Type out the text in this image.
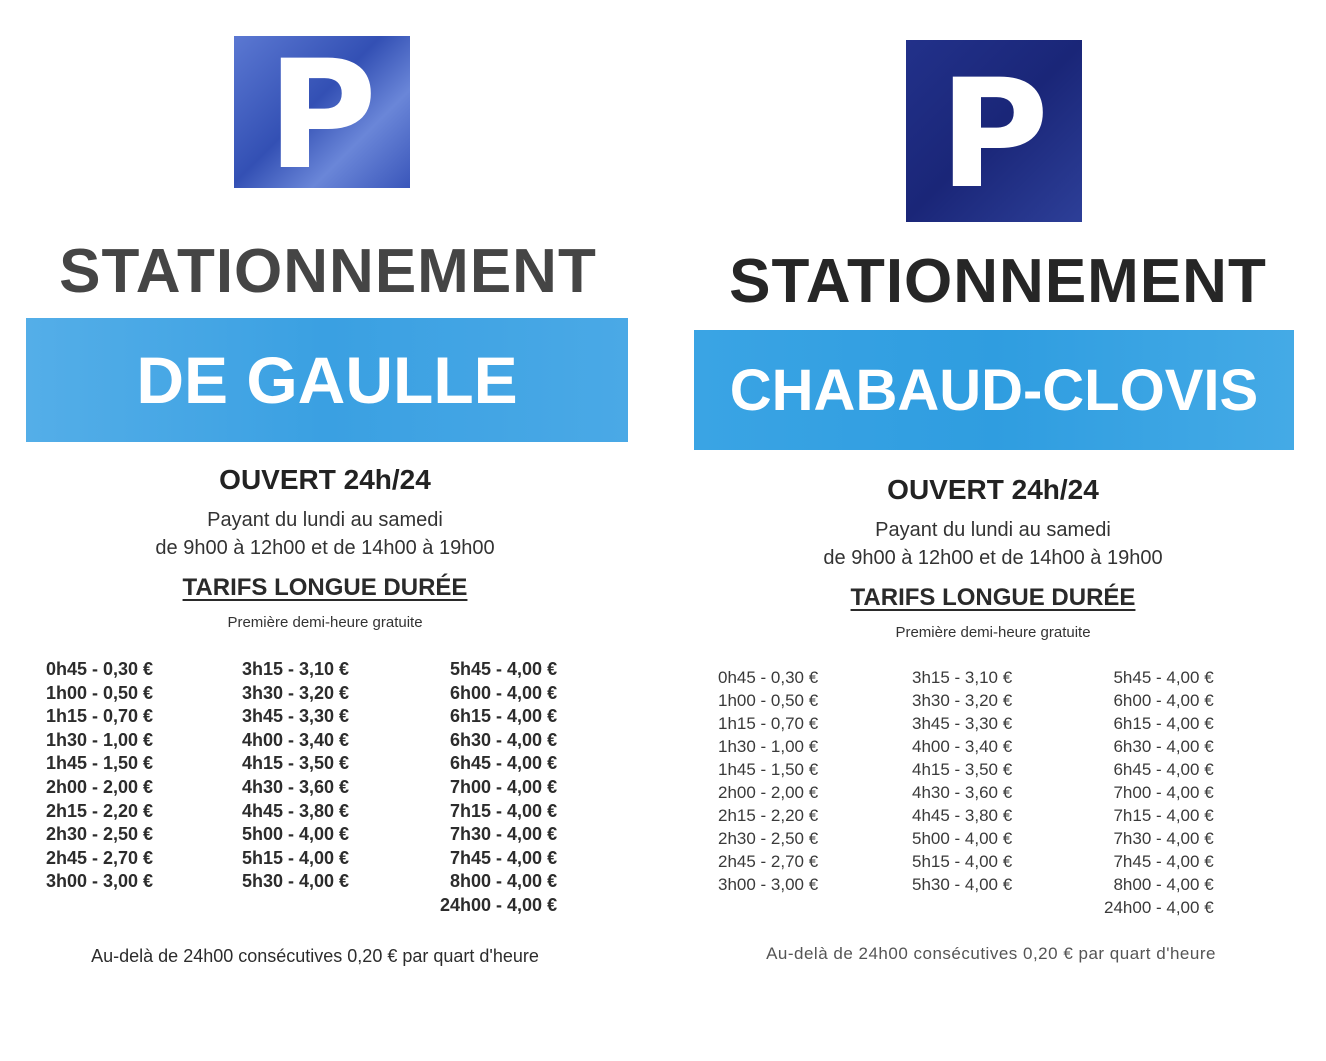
P
STATIONNEMENT
DE GAULLE
OUVERT 24h/24
Payant du lundi au samedi
de 9h00 à 12h00 et de 14h00 à 19h00
TARIFS LONGUE DURÉE
Première demi-heure gratuite
0h45 - 0,30 €
1h00 - 0,50 €
1h15 - 0,70 €
1h30 - 1,00 €
1h45 - 1,50 €
2h00 - 2,00 €
2h15 - 2,20 €
2h30 - 2,50 €
2h45 - 2,70 €
3h00 - 3,00 €
3h15 - 3,10 €
3h30 - 3,20 €
3h45 - 3,30 €
4h00 - 3,40 €
4h15 - 3,50 €
4h30 - 3,60 €
4h45 - 3,80 €
5h00 - 4,00 €
5h15 - 4,00 €
5h30 - 4,00 €
5h45 - 4,00 €
6h00 - 4,00 €
6h15 - 4,00 €
6h30 - 4,00 €
6h45 - 4,00 €
7h00 - 4,00 €
7h15 - 4,00 €
7h30 - 4,00 €
7h45 - 4,00 €
8h00 - 4,00 €
24h00 - 4,00 €
Au-delà de 24h00 consécutives 0,20 € par quart d'heure
P
STATIONNEMENT
CHABAUD-CLOVIS
OUVERT 24h/24
Payant du lundi au samedi
de 9h00 à 12h00 et de 14h00 à 19h00
TARIFS LONGUE DURÉE
Première demi-heure gratuite
0h45 - 0,30 €
1h00 - 0,50 €
1h15 - 0,70 €
1h30 - 1,00 €
1h45 - 1,50 €
2h00 - 2,00 €
2h15 - 2,20 €
2h30 - 2,50 €
2h45 - 2,70 €
3h00 - 3,00 €
3h15 - 3,10 €
3h30 - 3,20 €
3h45 - 3,30 €
4h00 - 3,40 €
4h15 - 3,50 €
4h30 - 3,60 €
4h45 - 3,80 €
5h00 - 4,00 €
5h15 - 4,00 €
5h30 - 4,00 €
5h45 - 4,00 €
6h00 - 4,00 €
6h15 - 4,00 €
6h30 - 4,00 €
6h45 - 4,00 €
7h00 - 4,00 €
7h15 - 4,00 €
7h30 - 4,00 €
7h45 - 4,00 €
8h00 - 4,00 €
24h00 - 4,00 €
Au-delà de 24h00 consécutives 0,20 € par quart d'heure
